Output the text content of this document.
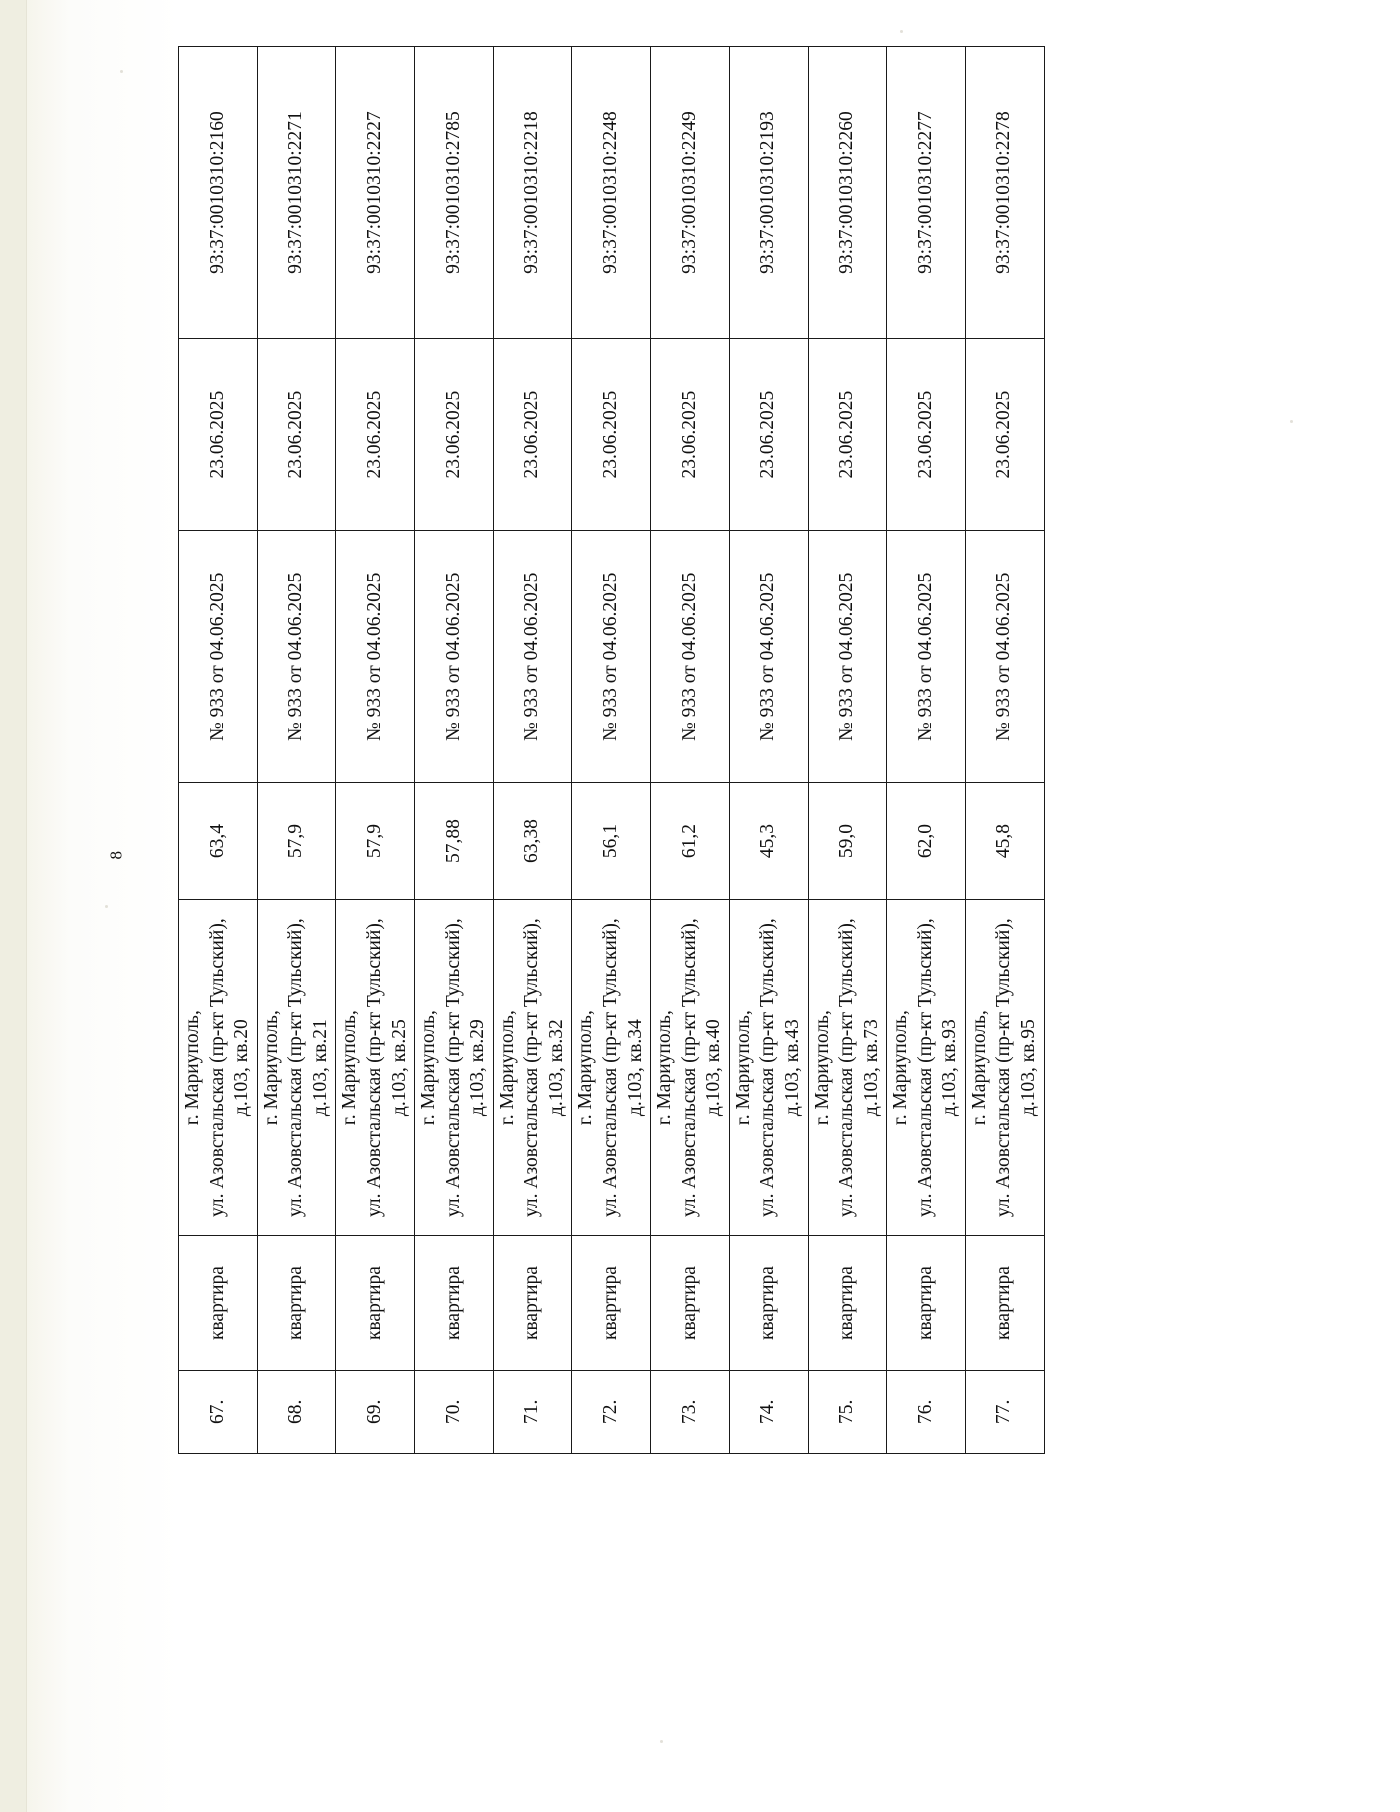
8
67.	квартира	г. Мариуполь, ул. Азовстальская (пр-кт Тульский), д.103, кв.20	63,4	№ 933 от 04.06.2025	23.06.2025	93:37:0010310:2160
68.	квартира	г. Мариуполь, ул. Азовстальская (пр-кт Тульский), д.103, кв.21	57,9	№ 933 от 04.06.2025	23.06.2025	93:37:0010310:2271
69.	квартира	г. Мариуполь, ул. Азовстальская (пр-кт Тульский), д.103, кв.25	57,9	№ 933 от 04.06.2025	23.06.2025	93:37:0010310:2227
70.	квартира	г. Мариуполь, ул. Азовстальская (пр-кт Тульский), д.103, кв.29	57,88	№ 933 от 04.06.2025	23.06.2025	93:37:0010310:2785
71.	квартира	г. Мариуполь, ул. Азовстальская (пр-кт Тульский), д.103, кв.32	63,38	№ 933 от 04.06.2025	23.06.2025	93:37:0010310:2218
72.	квартира	г. Мариуполь, ул. Азовстальская (пр-кт Тульский), д.103, кв.34	56,1	№ 933 от 04.06.2025	23.06.2025	93:37:0010310:2248
73.	квартира	г. Мариуполь, ул. Азовстальская (пр-кт Тульский), д.103, кв.40	61,2	№ 933 от 04.06.2025	23.06.2025	93:37:0010310:2249
74.	квартира	г. Мариуполь, ул. Азовстальская (пр-кт Тульский), д.103, кв.43	45,3	№ 933 от 04.06.2025	23.06.2025	93:37:0010310:2193
75.	квартира	г. Мариуполь, ул. Азовстальская (пр-кт Тульский), д.103, кв.73	59,0	№ 933 от 04.06.2025	23.06.2025	93:37:0010310:2260
76.	квартира	г. Мариуполь, ул. Азовстальская (пр-кт Тульский), д.103, кв.93	62,0	№ 933 от 04.06.2025	23.06.2025	93:37:0010310:2277
77.	квартира	г. Мариуполь, ул. Азовстальская (пр-кт Тульский), д.103, кв.95	45,8	№ 933 от 04.06.2025	23.06.2025	93:37:0010310:2278
